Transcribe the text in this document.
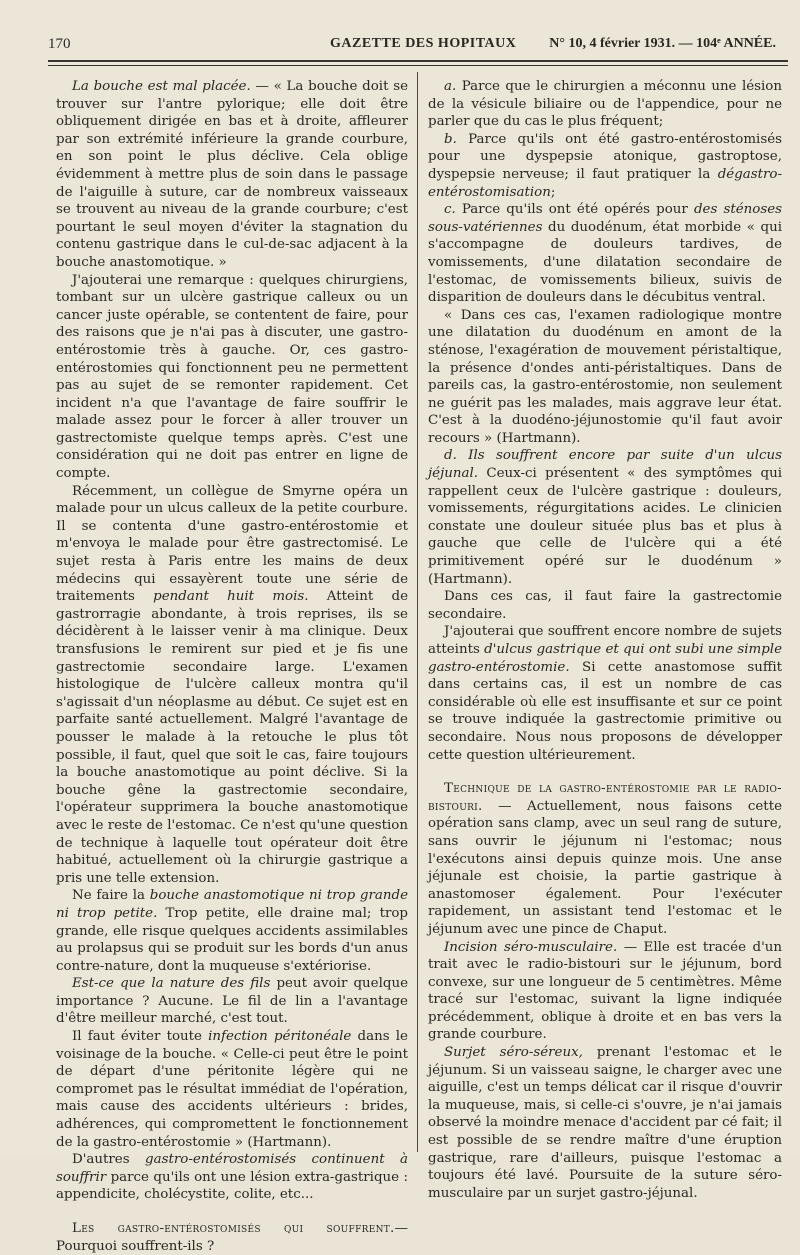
170	GAZETTE DES HOPITAUX N° 10, 4 février 1931. — 104ᵉ ANNÉE.

La bouche est mal placée. — « La bouche doit se trouver sur l'antre pylorique; elle doit être obliquement dirigée en bas et à droite, affleurer par son extrémité inférieure la grande courbure, en son point le plus déclive. Cela oblige évidemment à mettre plus de soin dans le passage de l'aiguille à suture, car de nombreux vaisseaux se trouvent au niveau de la grande courbure; c'est pourtant le seul moyen d'éviter la stagnation du contenu gastrique dans le cul-de-sac adjacent à la bouche anastomotique. »

J'ajouterai une remarque : quelques chirurgiens, tombant sur un ulcère gastrique calleux ou un cancer juste opérable, se contentent de faire, pour des raisons que je n'ai pas à discuter, une gastro-entérostomie très à gauche. Or, ces gastro-entérostomies qui fonctionnent peu ne permettent pas au sujet de se remonter rapidement. Cet incident n'a que l'avantage de faire souffrir le malade assez pour le forcer à aller trouver un gastrectomiste quelque temps après. C'est une considération qui ne doit pas entrer en ligne de compte.

Récemment, un collègue de Smyrne opéra un malade pour un ulcus calleux de la petite courbure. Il se contenta d'une gastro-entérostomie et m'envoya le malade pour être gastrectomisé. Le sujet resta à Paris entre les mains de deux médecins qui essayèrent toute une série de traitements pendant huit mois. Atteint de gastrorragie abondante, à trois reprises, ils se décidèrent à le laisser venir à ma clinique. Deux transfusions le remirent sur pied et je fis une gastrectomie secondaire large. L'examen histologique de l'ulcère calleux montra qu'il s'agissait d'un néoplasme au début. Ce sujet est en parfaite santé actuellement. Malgré l'avantage de pousser le malade à la retouche le plus tôt possible, il faut, quel que soit le cas, faire toujours la bouche anastomotique au point déclive. Si la bouche gêne la gastrectomie secondaire, l'opérateur supprimera la bouche anastomotique avec le reste de l'estomac. Ce n'est qu'une question de technique à laquelle tout opérateur doit être habitué, actuellement où la chirurgie gastrique a pris une telle extension.

Ne faire la bouche anastomotique ni trop grande ni trop petite. Trop petite, elle draine mal; trop grande, elle risque quelques accidents assimilables au prolapsus qui se produit sur les bords d'un anus contre-nature, dont la muqueuse s'extériorise.

Est-ce que la nature des fils peut avoir quelque importance ? Aucune. Le fil de lin a l'avantage d'être meilleur marché, c'est tout.

Il faut éviter toute infection péritonéale dans le voisinage de la bouche. « Celle-ci peut être le point de départ d'une péritonite légère qui ne compromet pas le résultat immédiat de l'opération, mais cause des accidents ultérieurs : brides, adhérences, qui compromettent le fonctionnement de la gastro-entérostomie » (Hartmann).

D'autres gastro-entérostomisés continuent à souffrir parce qu'ils ont une lésion extra-gastrique : appendicite, cholécystite, colite, etc...

Les gastro-entérostomisés qui souffrent.— Pourquoi souffrent-ils ?

a. Parce que le chirurgien a méconnu une lésion de la vésicule biliaire ou de l'appendice, pour ne parler que du cas le plus fréquent;

b. Parce qu'ils ont été gastro-entérostomisés pour une dyspepsie atonique, gastroptose, dyspepsie nerveuse; il faut pratiquer la dégastro-entérostomisation;

c. Parce qu'ils ont été opérés pour des sténoses sous-vatériennes du duodénum, état morbide « qui s'accompagne de douleurs tardives, de vomissements, d'une dilatation secondaire de l'estomac, de vomissements bilieux, suivis de disparition de douleurs dans le décubitus ventral.

« Dans ces cas, l'examen radiologique montre une dilatation du duodénum en amont de la sténose, l'exagération de mouvement péristaltique, la présence d'ondes anti-péristaltiques. Dans de pareils cas, la gastro-entérostomie, non seulement ne guérit pas les malades, mais aggrave leur état. C'est à la duodéno-jéjunostomie qu'il faut avoir recours » (Hartmann).

d. Ils souffrent encore par suite d'un ulcus jéjunal. Ceux-ci présentent « des symptômes qui rappellent ceux de l'ulcère gastrique : douleurs, vomissements, régurgitations acides. Le clinicien constate une douleur située plus bas et plus à gauche que celle de l'ulcère qui a été primitivement opéré sur le duodénum » (Hartmann).

Dans ces cas, il faut faire la gastrectomie secondaire.

J'ajouterai que souffrent encore nombre de sujets atteints d'ulcus gastrique et qui ont subi une simple gastro-entérostomie. Si cette anastomose suffit dans certains cas, il est un nombre de cas considérable où elle est insuffisante et sur ce point se trouve indiquée la gastrectomie primitive ou secondaire. Nous nous proposons de développer cette question ultérieurement.

Technique de la gastro-entérostomie par le radio-bistouri. — Actuellement, nous faisons cette opération sans clamp, avec un seul rang de suture, sans ouvrir le jéjunum ni l'estomac; nous l'exécutons ainsi depuis quinze mois. Une anse jéjunale est choisie, la partie gastrique à anastomoser également. Pour l'exécuter rapidement, un assistant tend l'estomac et le jéjunum avec une pince de Chaput.

Incision séro-musculaire. — Elle est tracée d'un trait avec le radio-bistouri sur le jéjunum, bord convexe, sur une longueur de 5 centimètres. Même tracé sur l'estomac, suivant la ligne indiquée précédemment, oblique à droite et en bas vers la grande courbure.

Surjet séro-séreux, prenant l'estomac et le jéjunum. Si un vaisseau saigne, le charger avec une aiguille, c'est un temps délicat car il risque d'ouvrir la muqueuse, mais, si celle-ci s'ouvre, je n'ai jamais observé la moindre menace d'accident par cé fait; il est possible de se rendre maître d'une éruption gastrique, rare d'ailleurs, puisque l'estomac a toujours été lavé. Poursuite de la suture séro-musculaire par un surjet gastro-jéjunal.
